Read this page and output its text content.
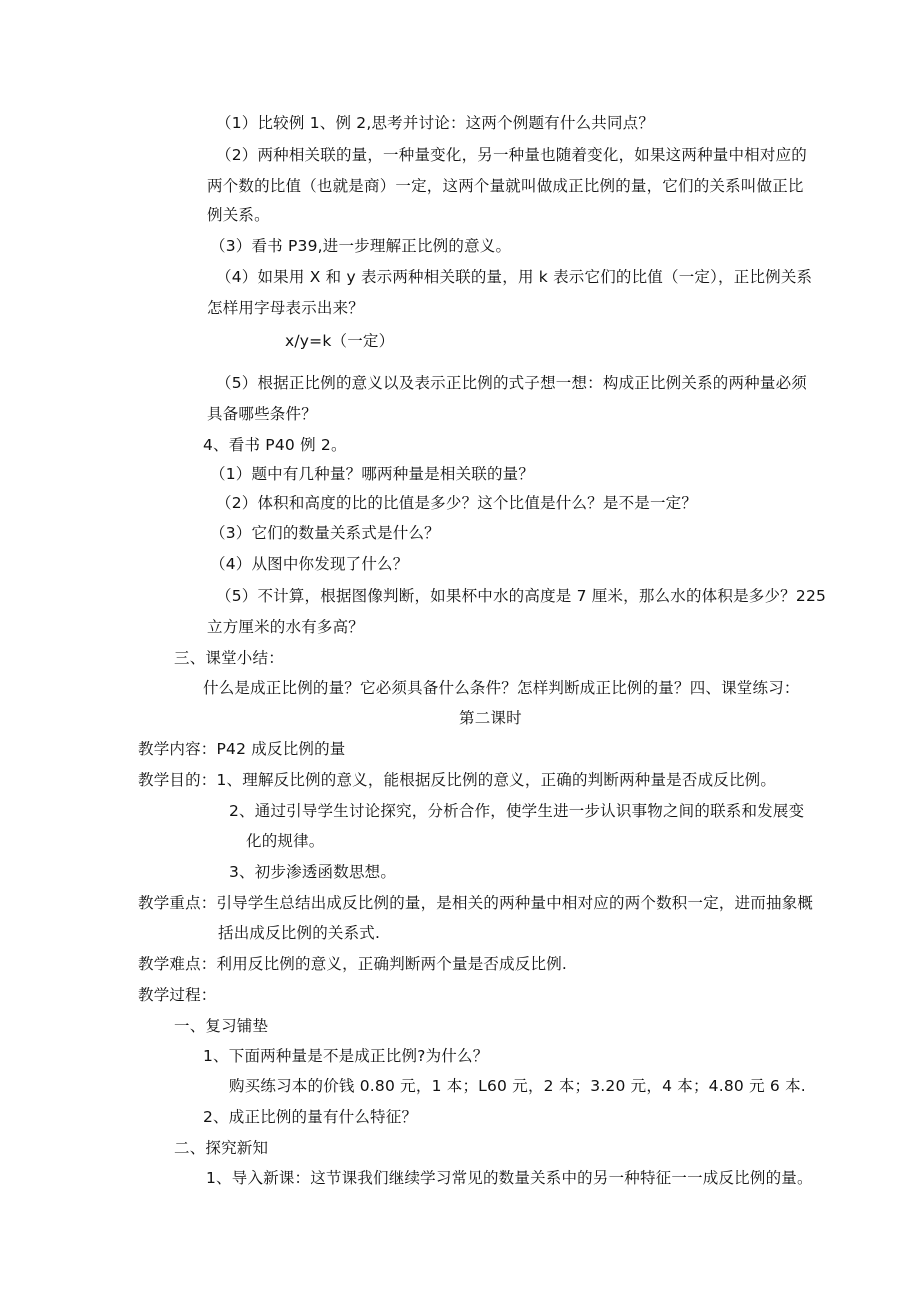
（1）比较例 1、例 2,思考并讨论：这两个例题有什么共同点？
（2）两种相关联的量，一种量变化，另一种量也随着变化，如果这两种量中相对应的
两个数的比值（也就是商）一定，这两个量就叫做成正比例的量，它们的关系叫做正比
例关系。
（3）看书 P39,进一步理解正比例的意义。
（4）如果用 X 和 y 表示两种相关联的量，用 k 表示它们的比值（一定），正比例关系
怎样用字母表示出来？
x∕y=k（一定）
（5）根据正比例的意义以及表示正比例的式子想一想：构成正比例关系的两种量必须
具备哪些条件？
4、看书 P40 例 2。
（1）题中有几种量？哪两种量是相关联的量？
（2）体积和高度的比的比值是多少？这个比值是什么？是不是一定？
（3）它们的数量关系式是什么？
（4）从图中你发现了什么？
（5）不计算，根据图像判断，如果杯中水的高度是 7 厘米，那么水的体积是多少？225
立方厘米的水有多高？
三、课堂小结：
什么是成正比例的量？它必须具备什么条件？怎样判断成正比例的量？四、课堂练习：
第二课时
教学内容：P42 成反比例的量
教学目的：1、理解反比例的意义，能根据反比例的意义，正确的判断两种量是否成反比例。
2、通过引导学生讨论探究，分析合作，使学生进一步认识事物之间的联系和发展变
化的规律。
3、初步渗透函数思想。
教学重点：引导学生总结出成反比例的量，是相关的两种量中相对应的两个数积一定，进而抽象概
括出成反比例的关系式.
教学难点：利用反比例的意义，正确判断两个量是否成反比例.
教学过程：
一、复习铺垫
1、下面两种量是不是成正比例?为什么？
购买练习本的价钱 0.80 元，1 本；L60 元，2 本；3.20 元，4 本；4.80 元 6 本.
2、成正比例的量有什么特征？
二、探究新知
1、导入新课：这节课我们继续学习常见的数量关系中的另一种特征一一成反比例的量。
